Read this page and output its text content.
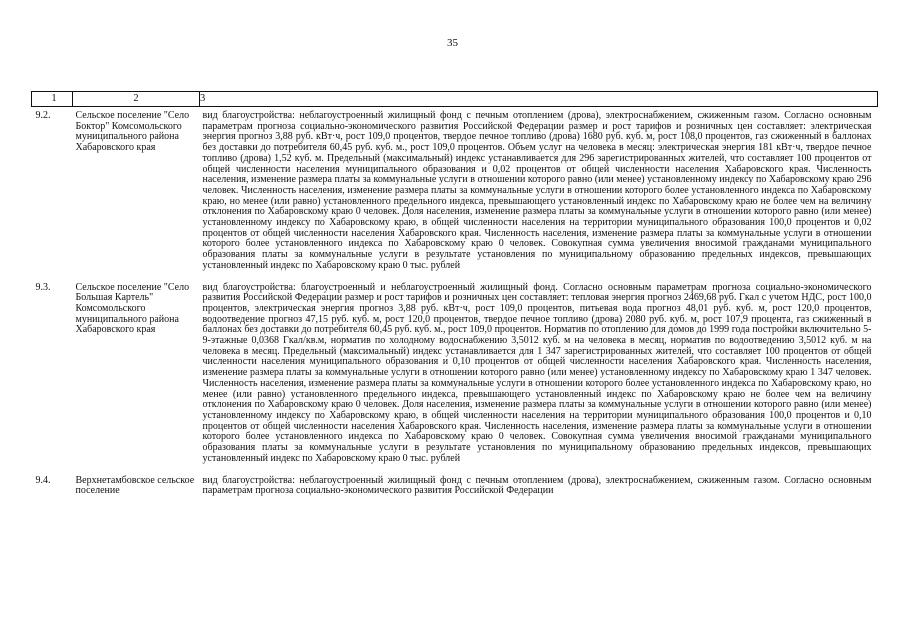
35
1	2	3
9.2.	Сельское поселение "Село Боктор" Комсомольского муниципального района Хабаровского края	вид благоустройства: неблагоустроенный жилищный фонд с печным отоплением (дрова), электроснабжением, сжиженным газом. Согласно основным параметрам прогноза социально-экономического развития Российской Федерации размер и рост тарифов и розничных цен составляет: электрическая энергия прогноз 3,88 руб. кВт·ч, рост 109,0 процентов, твердое печное топливо (дрова) 1680 руб. куб. м, рост 108,0 процентов, газ сжиженный в баллонах без доставки до потребителя 60,45 руб. куб. м., рост 109,0 процентов. Объем услуг на человека в месяц: электрическая энергия 181 кВт·ч, твердое печное топливо (дрова) 1,52 куб. м. Предельный (максимальный) индекс устанавливается для 296 зарегистрированных жителей, что составляет 100 процентов от общей численности населения муниципального образования и 0,02 процентов от общей численности населения Хабаровского края. Численность населения, изменение размера платы за коммунальные услуги в отношении которого равно (или менее) установленному индексу по Хабаровскому краю 296 человек. Численность населения, изменение размера платы за коммунальные услуги в отношении которого более установленного индекса по Хабаровскому краю, но менее (или равно) установленного предельного индекса, превышающего установленный индекс по Хабаровскому краю не более чем на величину отклонения по Хабаровскому краю 0 человек. Доля населения, изменение размера платы за коммунальные услуги в отношении которого равно (или менее) установленному индексу по Хабаровскому краю, в общей численности населения на территории муниципального образования 100,0 процентов и 0,02 процентов от общей численности населения Хабаровского края. Численность населения, изменение размера платы за коммунальные услуги в отношении которого более установленного индекса по Хабаровскому краю 0 человек. Совокупная сумма увеличения вносимой гражданами муниципального образования платы за коммунальные услуги в результате установления по муниципальному образованию предельных индексов, превышающих установленный индекс по Хабаровскому краю 0 тыс. рублей
9.3.	Сельское поселение "Село Большая Картель" Комсомольского муниципального района Хабаровского края	вид благоустройства: благоустроенный и неблагоустроенный жилищный фонд. Согласно основным параметрам прогноза социально-экономического развития Российской Федерации размер и рост тарифов и розничных цен составляет: тепловая энергия прогноз 2469,68 руб. Гкал с учетом НДС, рост 100,0 процентов, электрическая энергия прогноз 3,88 руб. кВт·ч, рост 109,0 процентов, питьевая вода прогноз 48,01 руб. куб. м, рост 120,0 процентов, водоотведение прогноз 47,15 руб. куб. м, рост 120,0 процентов, твердое печное топливо (дрова) 2080 руб. куб. м, рост 107,9 процента, газ сжиженный в баллонах без доставки до потребителя 60,45 руб. куб. м., рост 109,0 процентов. Норматив по отоплению для домов до 1999 года постройки включительно 5-9-этажные 0,0368 Гкал/кв.м, норматив по холодному водоснабжению 3,5012 куб. м на человека в месяц, норматив по водоотведению 3,5012 куб. м на человека в месяц. Предельный (максимальный) индекс устанавливается для 1 347 зарегистрированных жителей, что составляет 100 процентов от общей численности населения муниципального образования и 0,10 процентов от общей численности населения Хабаровского края. Численность населения, изменение размера платы за коммунальные услуги в отношении которого равно (или менее) установленному индексу по Хабаровскому краю 1 347 человек. Численность населения, изменение размера платы за коммунальные услуги в отношении которого более установленного индекса по Хабаровскому краю, но менее (или равно) установленного предельного индекса, превышающего установленный индекс по Хабаровскому краю не более чем на величину отклонения по Хабаровскому краю 0 человек. Доля населения, изменение размера платы за коммунальные услуги в отношении которого равно (или менее) установленному индексу по Хабаровскому краю, в общей численности населения на территории муниципального образования 100,0 процентов и 0,10 процентов от общей численности населения Хабаровского края. Численность населения, изменение размера платы за коммунальные услуги в отношении которого более установленного индекса по Хабаровскому краю 0 человек. Совокупная сумма увеличения вносимой гражданами муниципального образования платы за коммунальные услуги в результате установления по муниципальному образованию предельных индексов, превышающих установленный индекс по Хабаровскому краю 0 тыс. рублей
9.4.	Верхнетамбовское сельское поселение	вид благоустройства: неблагоустроенный жилищный фонд с печным отоплением (дрова), электроснабжением, сжиженным газом. Согласно основным параметрам прогноза социально-экономического развития Российской Федерации
